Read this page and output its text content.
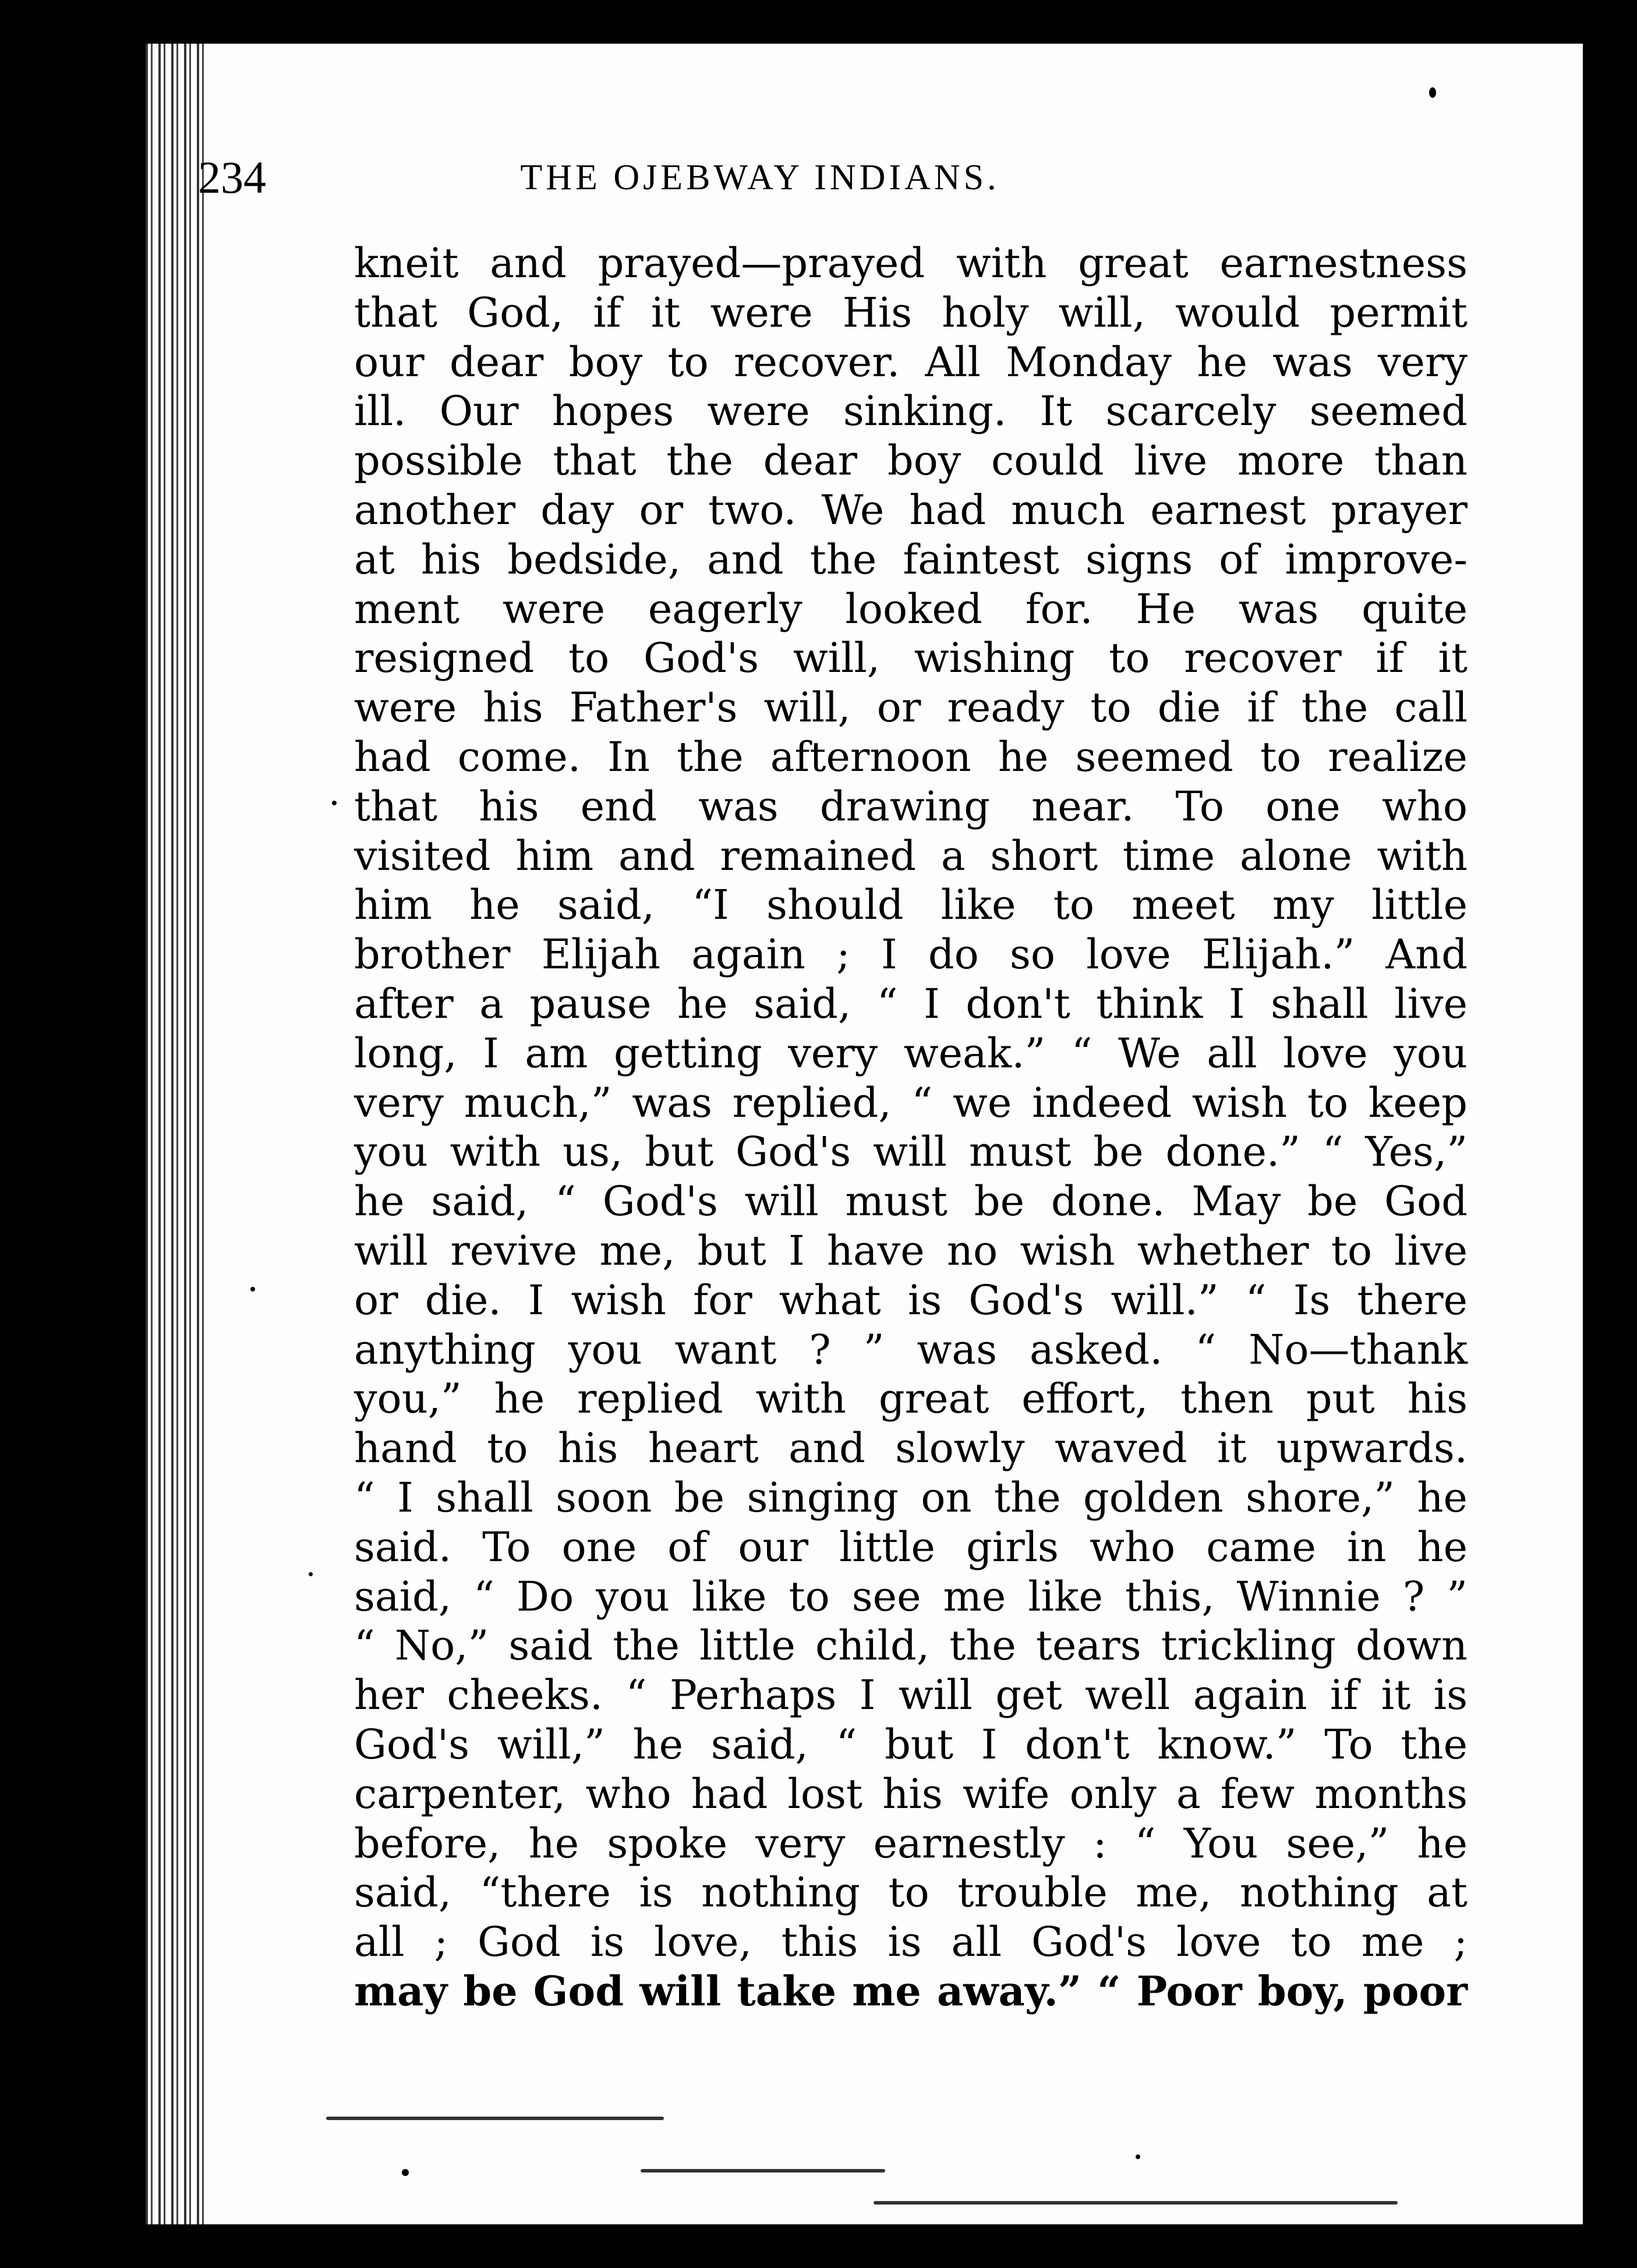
234	THE OJEBWAY INDIANS.
kneit and prayed—prayed with great earnestness
that God, if it were His holy will, would permit
our dear boy to recover. All Monday he was very
ill. Our hopes were sinking. It scarcely seemed
possible that the dear boy could live more than
another day or two. We had much earnest prayer
at his bedside, and the faintest signs of improve-
ment were eagerly looked for. He was quite
resigned to God's will, wishing to recover if it
were his Father's will, or ready to die if the call
had come. In the afternoon he seemed to realize
that his end was drawing near. To one who
visited him and remained a short time alone with
him he said, “I should like to meet my little
brother Elijah again ; I do so love Elijah.” And
after a pause he said, “ I don't think I shall live
long, I am getting very weak.” “ We all love you
very much,” was replied, “ we indeed wish to keep
you with us, but God's will must be done.” “ Yes,”
he said, “ God's will must be done. May be God
will revive me, but I have no wish whether to live
or die. I wish for what is God's will.” “ Is there
anything you want ? ” was asked. “ No—thank
you,” he replied with great effort, then put his
hand to his heart and slowly waved it upwards.
“ I shall soon be singing on the golden shore,” he
said. To one of our little girls who came in he
said, “ Do you like to see me like this, Winnie ? ”
“ No,” said the little child, the tears trickling down
her cheeks. “ Perhaps I will get well again if it is
God's will,” he said, “ but I don't know.” To the
carpenter, who had lost his wife only a few months
before, he spoke very earnestly : “ You see,” he
said, “there is nothing to trouble me, nothing at
all ; God is love, this is all God's love to me ;
may be God will take me away.” “ Poor boy, poor
